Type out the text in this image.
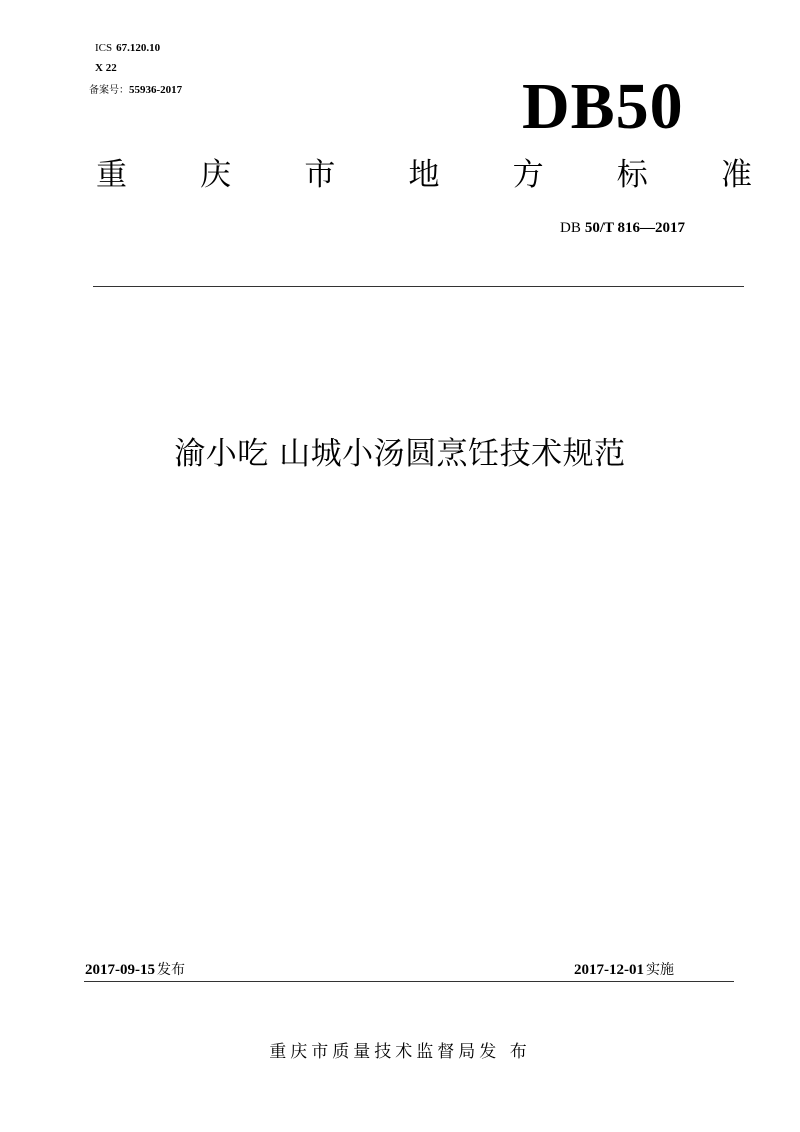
ICS 67.120.10
X 22
备案号：55936-2017	DB50
重 庆 市 地 方 标 准
DB 50/T 816—2017
渝小吃 山城小汤圆烹饪技术规范
2017-09-15 发布	2017-12-01 实施
重庆市质量技术监督局发 布
